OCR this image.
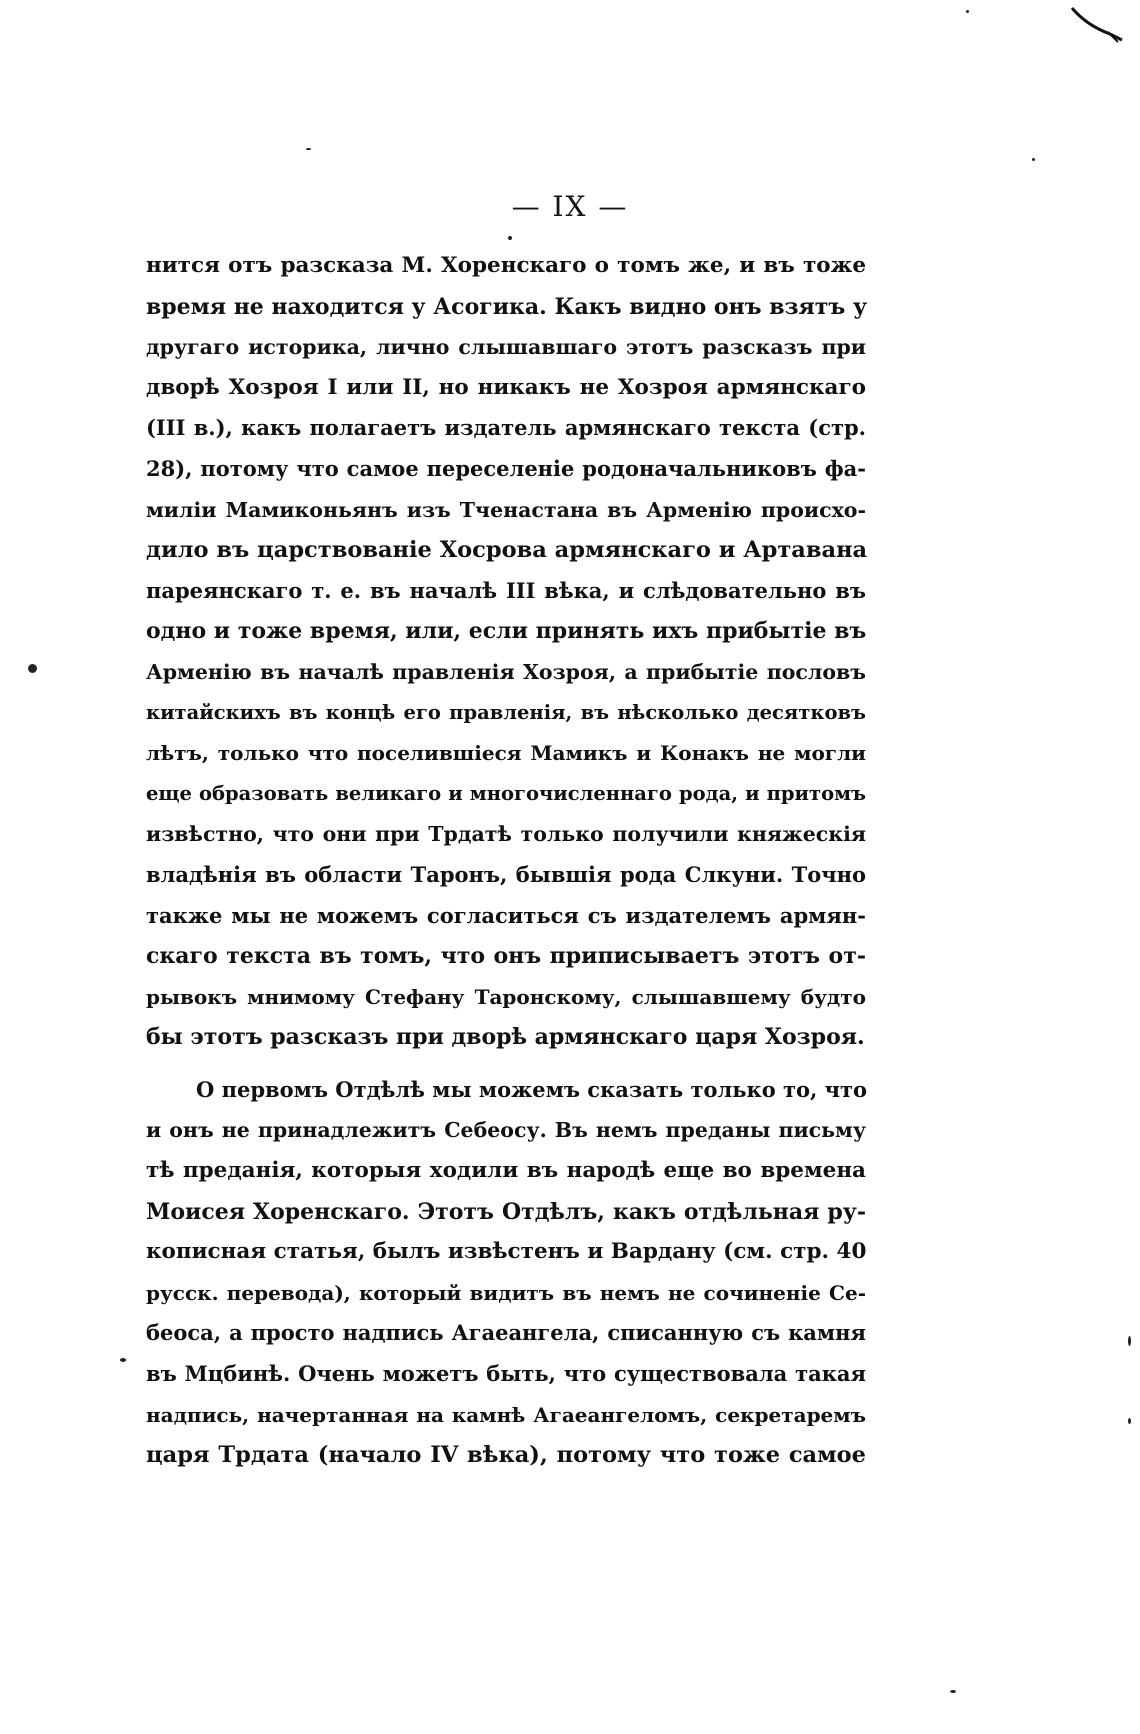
— IX —
нится отъ разсказа М. Хоренскаго о томъ же, и въ тоже
время не находится у Асогика. Какъ видно онъ взятъ у
другаго историка, лично слышавшаго этотъ разсказъ при
дворѣ Хозроя I или II, но никакъ не Хозроя армянскаго
(III в.), какъ полагаетъ издатель армянскаго текста (стр.
28), потому что самое переселеніе родоначальниковъ фа-
миліи Мамиконьянъ изъ Тченастана въ Арменію происхо-
дило въ царствованіе Хосрова армянскаго и Артавана
пареянскаго т. е. въ началѣ III вѣка, и слѣдовательно въ
одно и тоже время, или, если принять ихъ прибытіе въ
Арменію въ началѣ правленія Хозроя, а прибытіе пословъ
китайскихъ въ концѣ его правленія, въ нѣсколько десятковъ
лѣтъ, только что поселившіеся Мамикъ и Конакъ не могли
еще образовать великаго и многочисленнаго рода, и притомъ
извѣстно, что они при Трдатѣ только получили княжескія
владѣнія въ области Таронъ, бывшія рода Слкуни. Точно
также мы не можемъ согласиться съ издателемъ армян-
скаго текста въ томъ, что онъ приписываетъ этотъ от-
рывокъ мнимому Стефану Таронскому, слышавшему будто
бы этотъ разсказъ при дворѣ армянскаго царя Хозроя.
О первомъ Отдѣлѣ мы можемъ сказать только то, что
и онъ не принадлежитъ Себеосу. Въ немъ преданы письму
тѣ преданія, которыя ходили въ народѣ еще во времена
Моисея Хоренскаго. Этотъ Отдѣлъ, какъ отдѣльная ру-
кописная статья, былъ извѣстенъ и Вардану (см. стр. 40
русск. перевода), который видитъ въ немъ не сочиненіе Се-
беоса, а просто надпись Агаеангела, списанную съ камня
въ Мцбинѣ. Очень можетъ быть, что существовала такая
надпись, начертанная на камнѣ Агаеангеломъ, секретаремъ
царя Трдата (начало IV вѣка), потому что тоже самое
